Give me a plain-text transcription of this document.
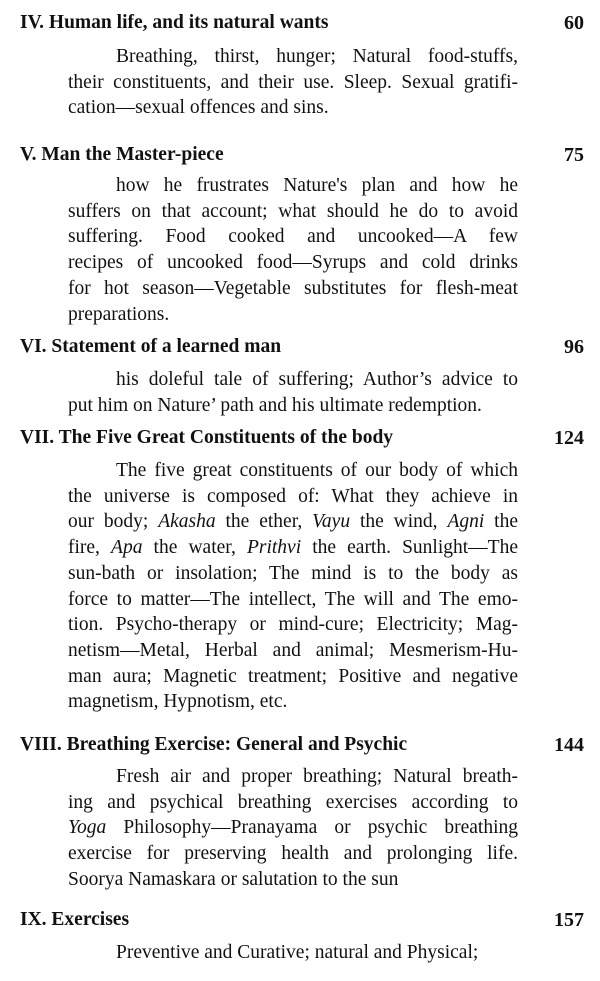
IV. Human life, and its natural wants	60
Breathing, thirst, hunger; Natural food-stuffs,
their constituents, and their use. Sleep. Sexual gratifi-
cation—sexual offences and sins.
V. Man the Master-piece	75
how he frustrates Nature's plan and how he
suffers on that account; what should he do to avoid
suffering. Food cooked and uncooked—A few
recipes of uncooked food—Syrups and cold drinks
for hot season—Vegetable substitutes for flesh-meat
preparations.
VI. Statement of a learned man	96
his doleful tale of suffering; Author’s advice to
put him on Nature’ path and his ultimate redemption.
VII. The Five Great Constituents of the body	124
The five great constituents of our body of which
the universe is composed of: What they achieve in
our body; Akasha the ether, Vayu the wind, Agni the
fire, Apa the water, Prithvi the earth. Sunlight—The
sun-bath or insolation; The mind is to the body as
force to matter—The intellect, The will and The emo-
tion. Psycho-therapy or mind-cure; Electricity; Mag-
netism—Metal, Herbal and animal; Mesmerism-Hu-
man aura; Magnetic treatment; Positive and negative
magnetism, Hypnotism, etc.
VIII. Breathing Exercise: General and Psychic	144
Fresh air and proper breathing; Natural breath-
ing and psychical breathing exercises according to
Yoga Philosophy—Pranayama or psychic breathing
exercise for preserving health and prolonging life.
Soorya Namaskara or salutation to the sun
IX. Exercises	157
Preventive and Curative; natural and Physical;
